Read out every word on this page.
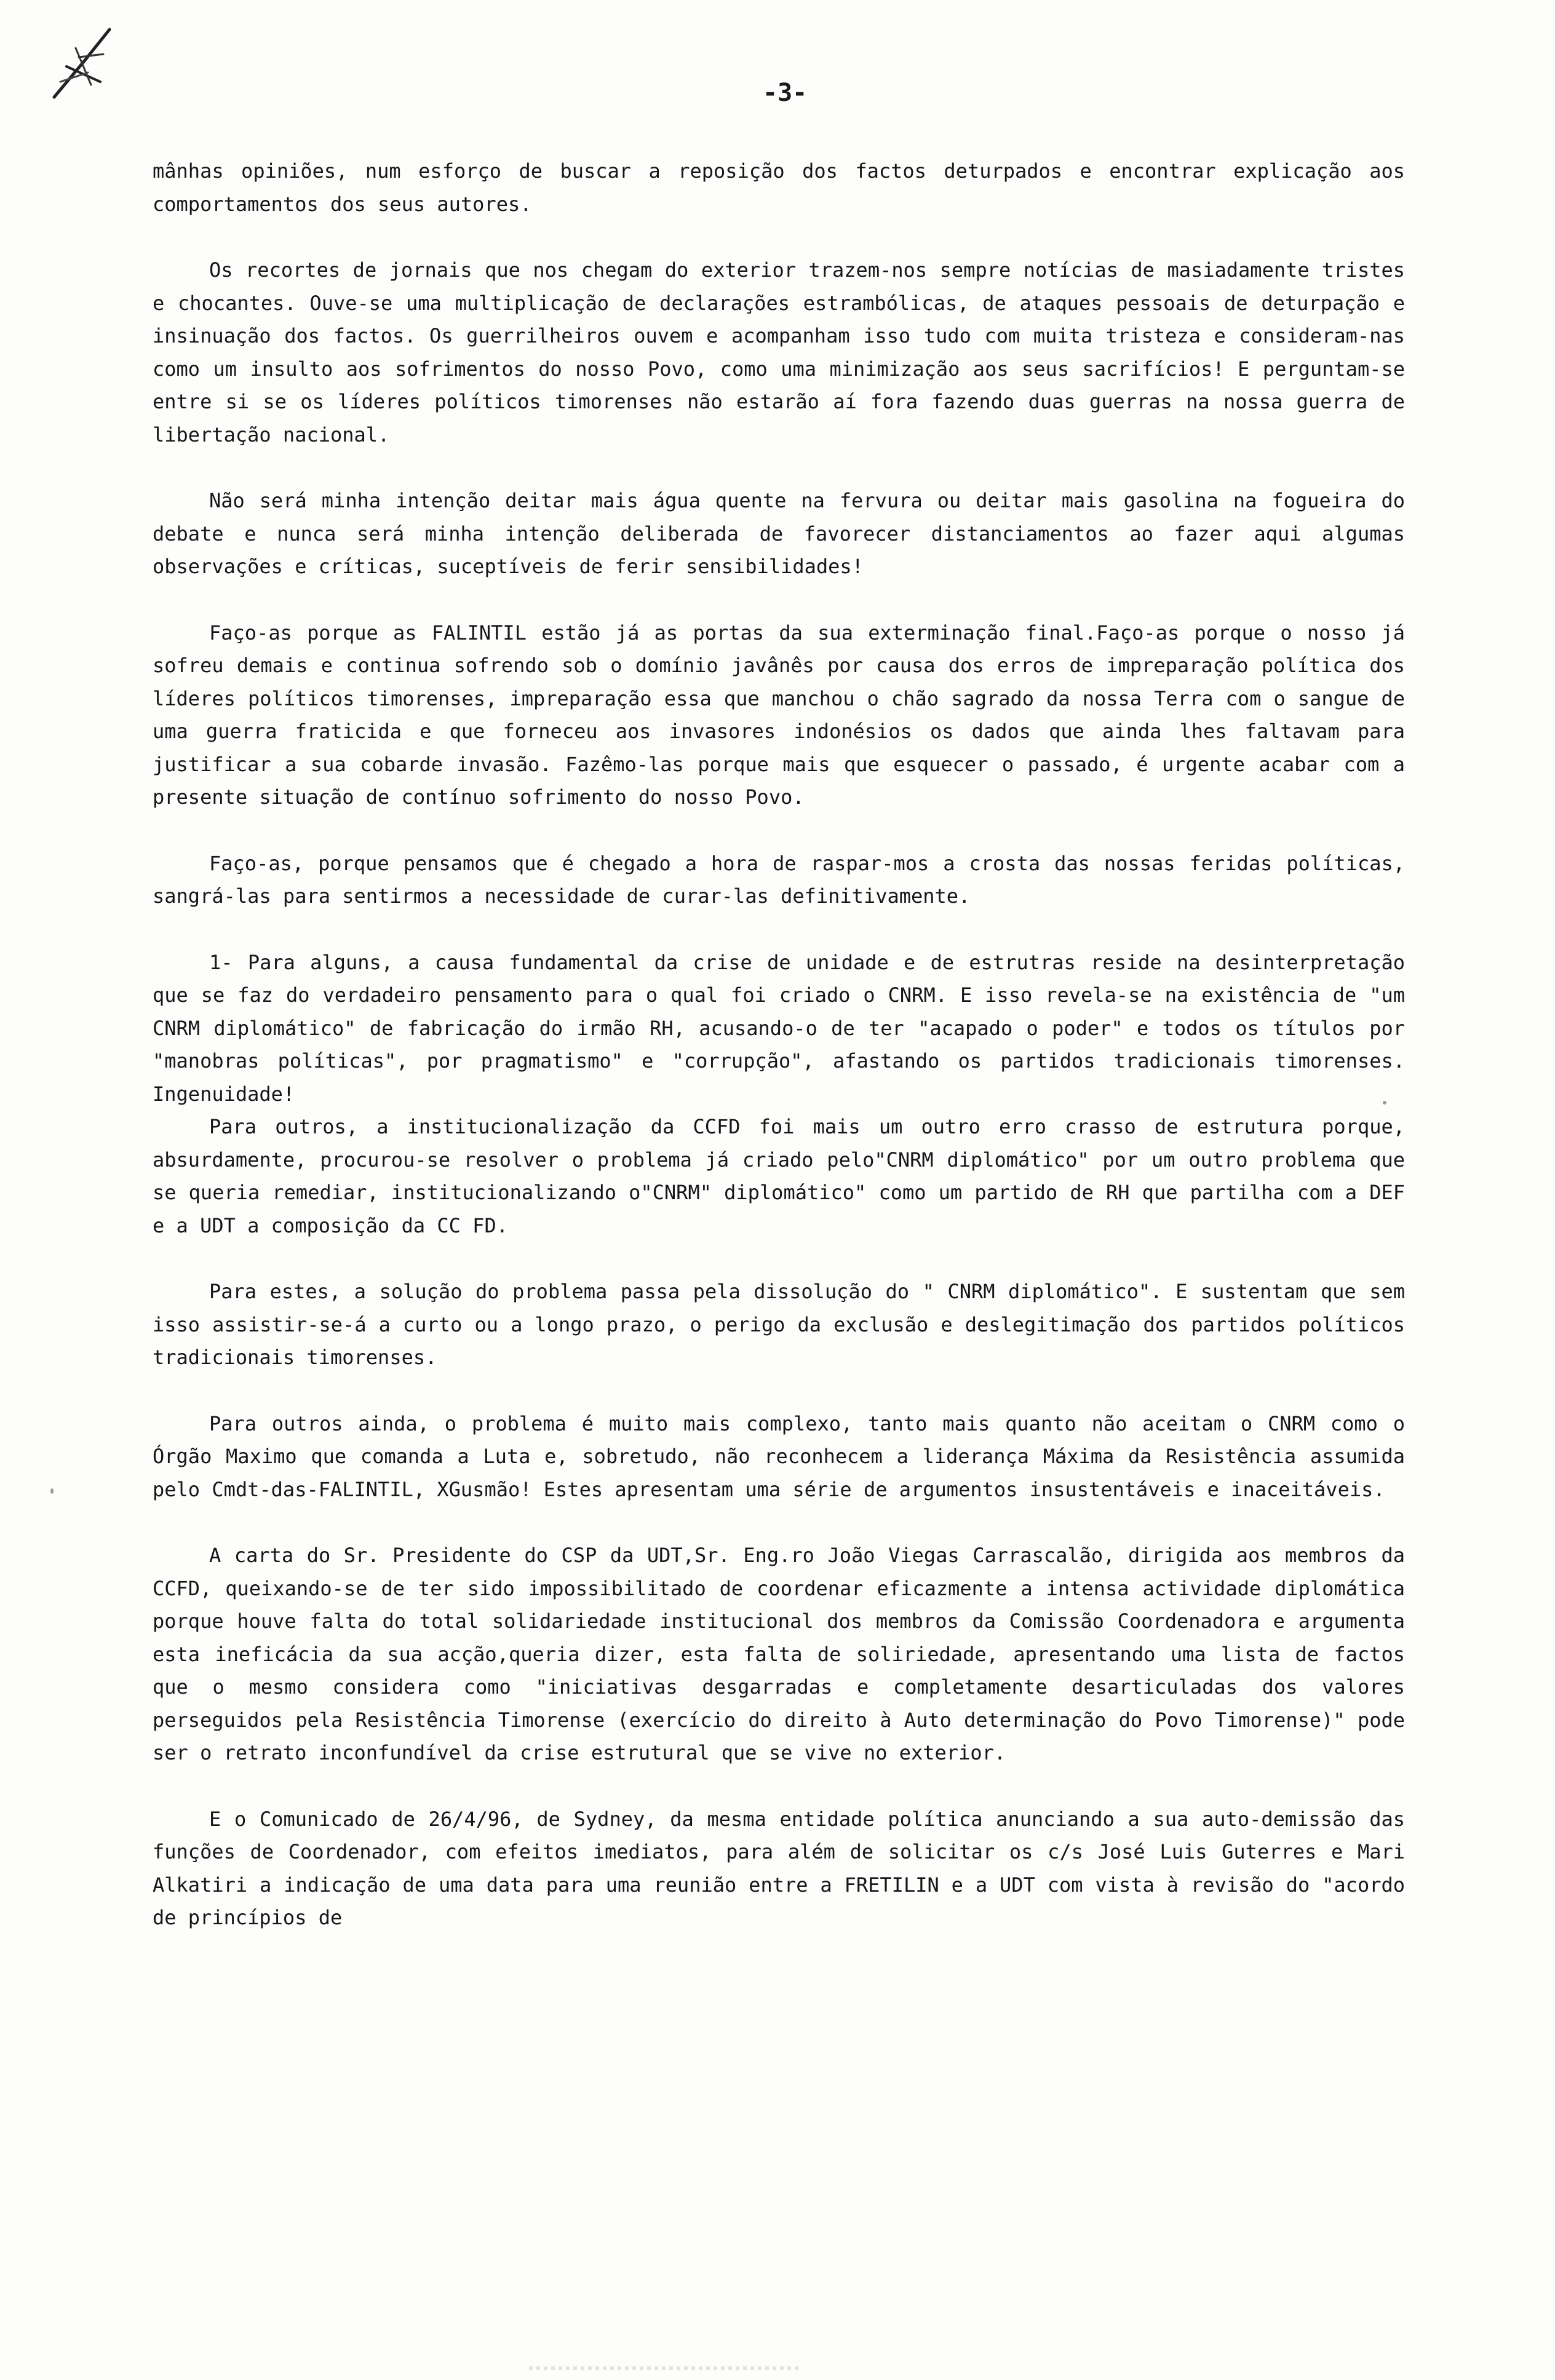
-3-

mânhas opiniões, num esforço de buscar a reposição dos factos deturpados e encontrar explicação aos comportamentos dos seus autores.

Os recortes de jornais que nos chegam do exterior trazem-nos sempre notícias de masiadamente tristes e chocantes. Ouve-se uma multiplicação de declarações estrambólicas, de ataques pessoais de deturpação e insinuação dos factos. Os guerrilheiros ouvem e acompanham isso tudo com muita tristeza e consideram-nas como um insulto aos sofrimentos do nosso Povo, como uma minimização aos seus sacrifícios! E perguntam-se entre si se os líderes políticos timorenses não estarão aí fora fazendo duas guerras na nossa guerra de libertação nacional.

Não será minha intenção deitar mais água quente na fervura ou deitar mais gasolina na fogueira do debate e nunca será minha intenção deliberada de favorecer distanciamentos ao fazer aqui algumas observações e críticas, suceptíveis de ferir sensibilidades!

Faço-as porque as FALINTIL estão já as portas da sua exterminação final.Faço-as porque o nosso já sofreu demais e continua sofrendo sob o domínio javânês por causa dos erros de impreparação política dos líderes políticos timorenses, impreparação essa que manchou o chão sagrado da nossa Terra com o sangue de uma guerra fraticida e que forneceu aos invasores indonésios os dados que ainda lhes faltavam para justificar a sua cobarde invasão. Fazêmo-las porque mais que esquecer o passado, é urgente acabar com a presente situação de contínuo sofrimento do nosso Povo.

Faço-as, porque pensamos que é chegado a hora de raspar-mos a crosta das nossas feridas políticas, sangrá-las para sentirmos a necessidade de curar-las definitivamente.

1- Para alguns, a causa fundamental da crise de unidade e de estrutras reside na desinterpretação que se faz do verdadeiro pensamento para o qual foi criado o CNRM. E isso revela-se na existência de "um CNRM diplomático" de fabricação do irmão RH, acusando-o de ter "acapado o poder" e todos os títulos por "manobras políticas", por pragmatismo" e "corrupção", afastando os partidos tradicionais timorenses. Ingenuidade!

Para outros, a institucionalização da CCFD foi mais um outro erro crasso de estrutura porque, absurdamente, procurou-se resolver o problema já criado pelo"CNRM diplomático" por um outro problema que se queria remediar, institucionalizando o"CNRM" diplomático" como um partido de RH que partilha com a DEF e a UDT a composição da CC FD.

Para estes, a solução do problema passa pela dissolução do " CNRM diplomático". E sustentam que sem isso assistir-se-á a curto ou a longo prazo, o perigo da exclusão e deslegitimação dos partidos políticos tradicionais timorenses.

Para outros ainda, o problema é muito mais complexo, tanto mais quanto não aceitam o CNRM como o Órgão Maximo que comanda a Luta e, sobretudo, não reconhecem a liderança Máxima da Resistência assumida pelo Cmdt-das-FALINTIL, XGusmão! Estes apresentam uma série de argumentos insustentáveis e inaceitáveis.

A carta do Sr. Presidente do CSP da UDT,Sr. Eng.ro João Viegas Carrascalão, dirigida aos membros da CCFD, queixando-se de ter sido impossibilitado de coordenar eficazmente a intensa actividade diplomática porque houve falta do total solidariedade institucional dos membros da Comissão Coordenadora e argumenta esta ineficácia da sua acção,queria dizer, esta falta de soliriedade, apresentando uma lista de factos que o mesmo considera como "iniciativas desgarradas e completamente desarticuladas dos valores perseguidos pela Resistência Timorense (exercício do direito à Auto determinação do Povo Timorense)" pode ser o retrato inconfundível da crise estrutural que se vive no exterior.

E o Comunicado de 26/4/96, de Sydney, da mesma entidade política anunciando a sua auto-demissão das funções de Coordenador, com efeitos imediatos, para além de solicitar os c/s José Luis Guterres e Mari Alkatiri a indicação de uma data para uma reunião entre a FRETILIN e a UDT com vista à revisão do "acordo de princípios de
